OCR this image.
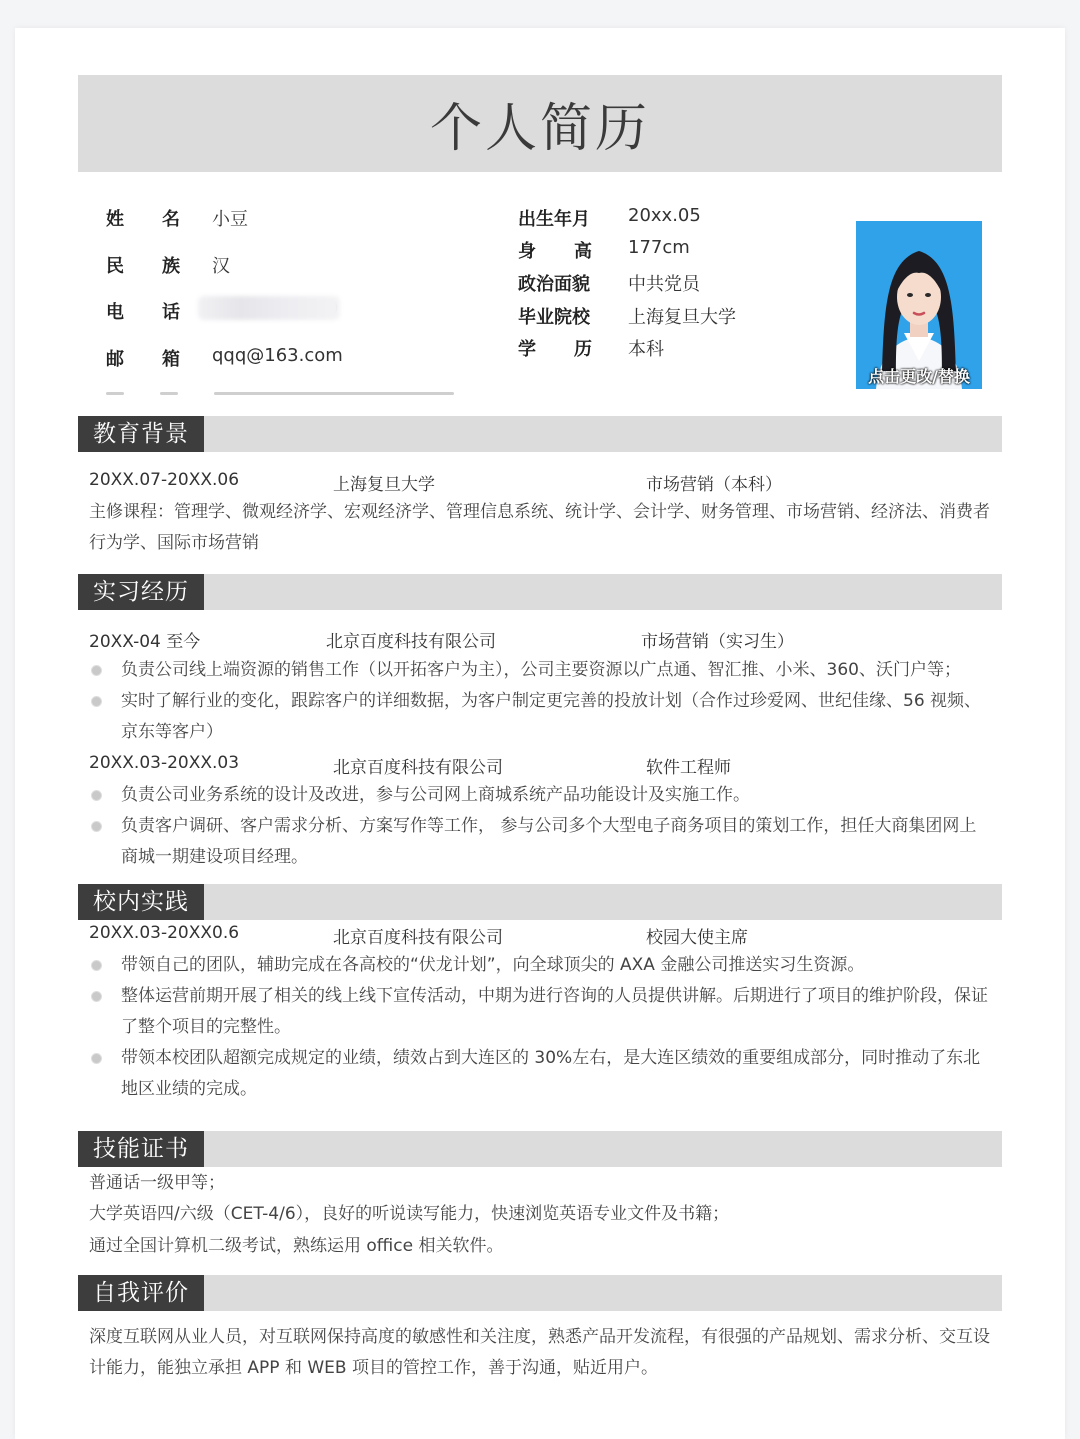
个人简历
姓 名 小豆
民 族 汉
电 话
邮 箱 qqq@163.com
出生年月 20xx.05
身 高 177cm
政治面貌 中共党员
毕业院校 上海复旦大学
学 历 本科
点击更改/替换
教育背景
20XX.07-20XX.06	上海复旦大学	市场营销（本科）
主修课程：管理学、微观经济学、宏观经济学、管理信息系统、统计学、会计学、财务管理、市场营销、经济法、消费者行为学、国际市场营销
实习经历
20XX-04 至今	北京百度科技有限公司	市场营销（实习生）
负责公司线上端资源的销售工作（以开拓客户为主），公司主要资源以广点通、智汇推、小米、360、沃门户等；
实时了解行业的变化，跟踪客户的详细数据，为客户制定更完善的投放计划（合作过珍爱网、世纪佳缘、56 视频、京东等客户）
20XX.03-20XX.03	北京百度科技有限公司	软件工程师
负责公司业务系统的设计及改进，参与公司网上商城系统产品功能设计及实施工作。
负责客户调研、客户需求分析、方案写作等工作， 参与公司多个大型电子商务项目的策划工作，担任大商集团网上商城一期建设项目经理。
校内实践
20XX.03-20XX0.6	北京百度科技有限公司	校园大使主席
带领自己的团队，辅助完成在各高校的“伏龙计划”，向全球顶尖的 AXA 金融公司推送实习生资源。
整体运营前期开展了相关的线上线下宣传活动，中期为进行咨询的人员提供讲解。后期进行了项目的维护阶段，保证了整个项目的完整性。
带领本校团队超额完成规定的业绩，绩效占到大连区的 30%左右，是大连区绩效的重要组成部分，同时推动了东北地区业绩的完成。
技能证书
普通话一级甲等；
大学英语四/六级（CET-4/6），良好的听说读写能力，快速浏览英语专业文件及书籍；
通过全国计算机二级考试，熟练运用 office 相关软件。
自我评价
深度互联网从业人员，对互联网保持高度的敏感性和关注度，熟悉产品开发流程，有很强的产品规划、需求分析、交互设计能力，能独立承担 APP 和 WEB 项目的管控工作，善于沟通，贴近用户。
